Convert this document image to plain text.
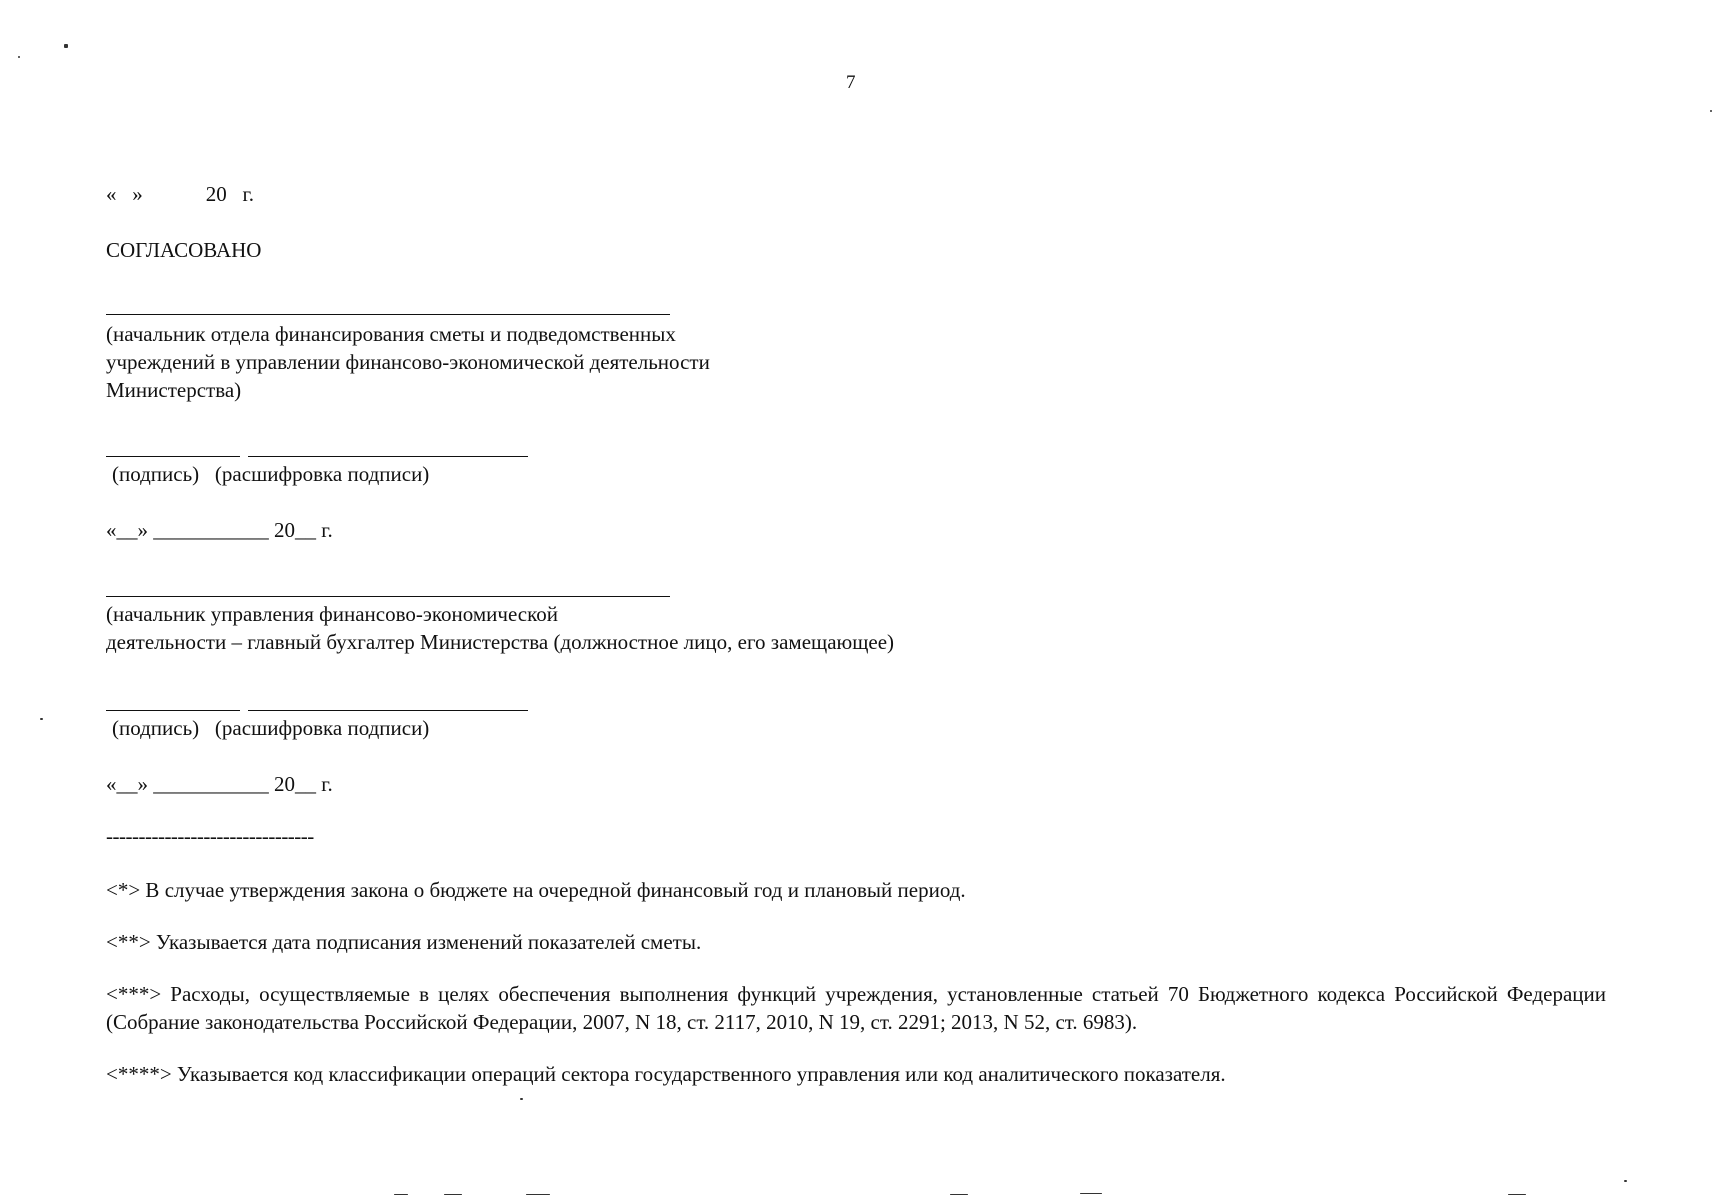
7
«   »            20   г.
СОГЛАСОВАНО
(начальник отдела финансирования сметы и подведомственных
учреждений в управлении финансово-экономической деятельности
Министерства)
(подпись)   (расшифровка подписи)
«__» ___________ 20__ г.
(начальник управления финансово-экономической
деятельности – главный бухгалтер Министерства (должностное лицо, его замещающее)
(подпись)   (расшифровка подписи)
«__» ___________ 20__ г.
--------------------------------
<*> В случае утверждения закона о бюджете на очередной финансовый год и плановый период.
<**> Указывается дата подписания изменений показателей сметы.
<***> Расходы, осуществляемые в целях обеспечения выполнения функций учреждения, установленные статьей 70 Бюджетного кодекса Российской Федерации (Собрание законодательства Российской Федерации, 2007, N 18, ст. 2117, 2010, N 19, ст. 2291; 2013, N 52, ст. 6983).
<****> Указывается код классификации операций сектора государственного управления или код аналитического показателя.
